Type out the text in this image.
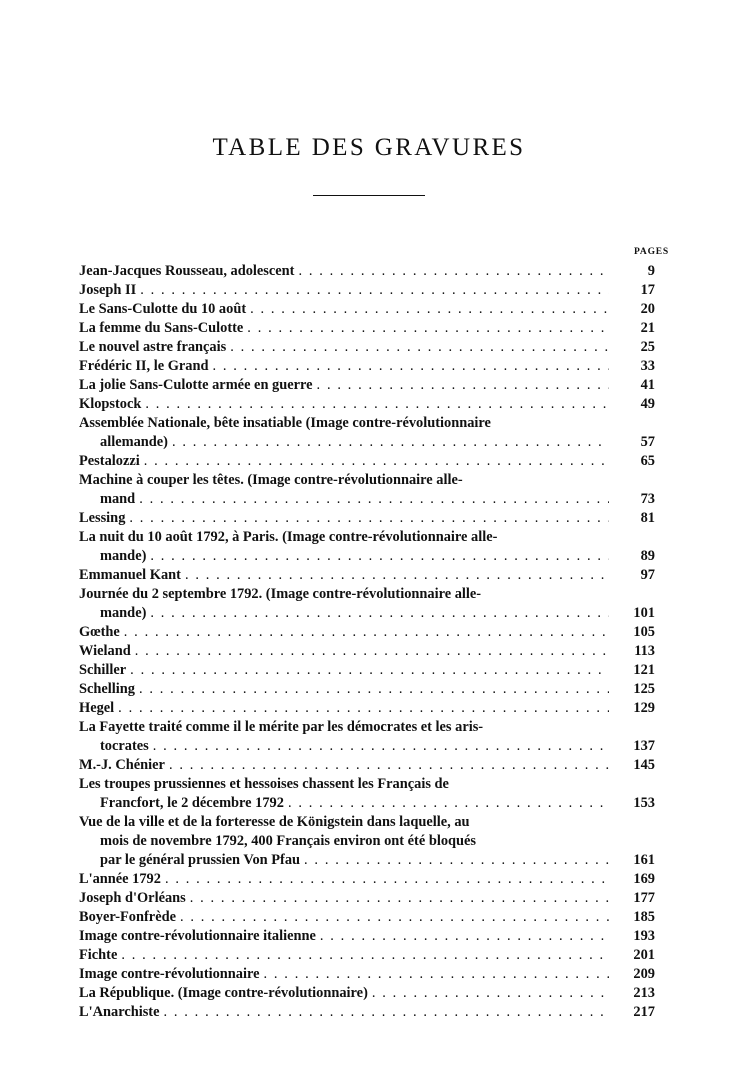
TABLE DES GRAVURES
PAGES
Jean-Jacques Rousseau, adolescent . . .	9
Joseph II . . .	17
Le Sans-Culotte du 10 août . . .	20
La femme du Sans-Culotte . . .	21
Le nouvel astre français . . .	25
Frédéric II, le Grand . . .	33
La jolie Sans-Culotte armée en guerre . . .	41
Klopstock . . .	49
Assemblée Nationale, bête insatiable (Image contre-révolutionnaire
allemande) . . .	57
Pestalozzi . . .	65
Machine à couper les têtes. (Image contre-révolutionnaire alle-
mand . . .	73
Lessing . . .	81
La nuit du 10 août 1792, à Paris. (Image contre-révolutionnaire alle-
mande) . . .	89
Emmanuel Kant . . .	97
Journée du 2 septembre 1792. (Image contre-révolutionnaire alle-
mande) . . .	101
Gœthe . . .	105
Wieland . . .	113
Schiller . . .	121
Schelling . . .	125
Hegel . . .	129
La Fayette traité comme il le mérite par les démocrates et les aris-
tocrates . . .	137
M.-J. Chénier . . .	145
Les troupes prussiennes et hessoises chassent les Français de
Francfort, le 2 décembre 1792 . . .	153
Vue de la ville et de la forteresse de Königstein dans laquelle, au
mois de novembre 1792, 400 Français environ ont été bloqués
par le général prussien Von Pfau . . .	161
L'année 1792 . . .	169
Joseph d'Orléans . . .	177
Boyer-Fonfrède . . .	185
Image contre-révolutionnaire italienne . . .	193
Fichte . . .	201
Image contre-révolutionnaire . . .	209
La République. (Image contre-révolutionnaire) . . .	213
L'Anarchiste . . .	217
